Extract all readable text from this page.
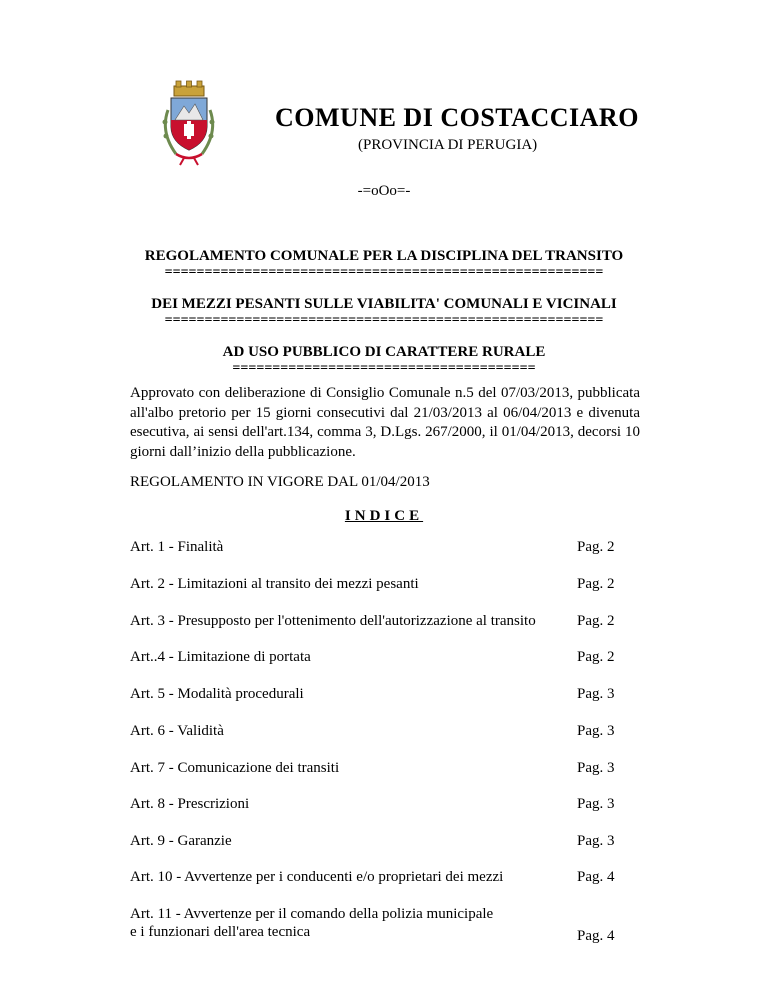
COMUNE DI COSTACCIARO
(PROVINCIA DI PERUGIA)
-=oOo=-
REGOLAMENTO COMUNALE PER LA DISCIPLINA DEL TRANSITO
=======================================================
DEI MEZZI PESANTI SULLE VIABILITA' COMUNALI E VICINALI
=======================================================
AD USO PUBBLICO DI CARATTERE RURALE
======================================
Approvato con deliberazione di Consiglio Comunale n.5 del 07/03/2013, pubblicata all'albo pretorio per 15 giorni consecutivi dal 21/03/2013 al 06/04/2013 e divenuta esecutiva, ai sensi dell'art.134, comma 3, D.Lgs. 267/2000, il 01/04/2013, decorsi 10 giorni dall’inizio della pubblicazione.
REGOLAMENTO IN VIGORE DAL 01/04/2013
INDICE
Art. 1 - Finalità	Pag. 2
Art. 2 - Limitazioni al transito dei mezzi pesanti	Pag. 2
Art. 3 - Presupposto per l'ottenimento dell'autorizzazione al transito	Pag. 2
Art..4 - Limitazione di portata	Pag. 2
Art. 5 - Modalità procedurali	Pag. 3
Art. 6 - Validità	Pag. 3
Art. 7 - Comunicazione dei transiti	Pag. 3
Art. 8 - Prescrizioni	Pag. 3
Art. 9 - Garanzie	Pag. 3
Art. 10 - Avvertenze per i conducenti e/o proprietari dei mezzi	Pag. 4
Art. 11 - Avvertenze per il comando della polizia municipale
e i funzionari dell'area tecnica	Pag. 4
